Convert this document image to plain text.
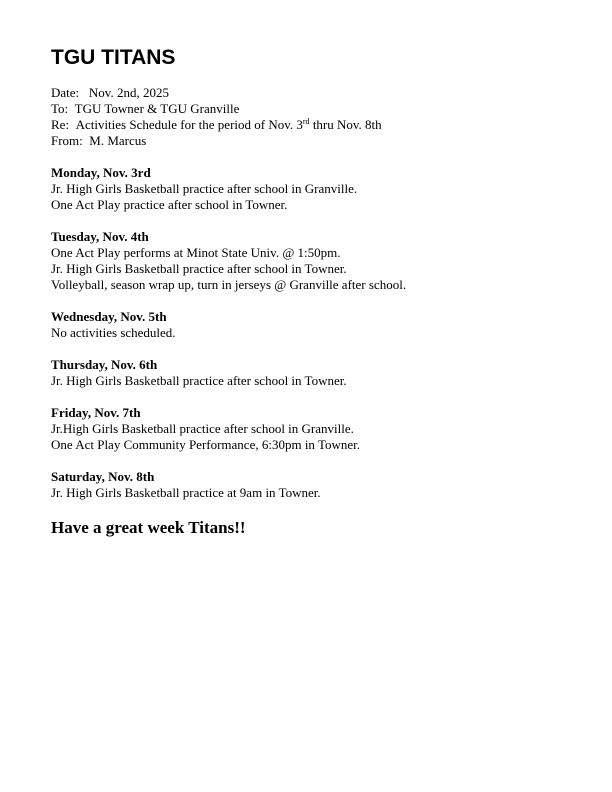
TGU TITANS
Date: Nov. 2nd, 2025
To: TGU Towner & TGU Granville
Re: Activities Schedule for the period of Nov. 3rd thru Nov. 8th
From: M. Marcus
Monday, Nov. 3rd
Jr. High Girls Basketball practice after school in Granville.
One Act Play practice after school in Towner.
Tuesday, Nov. 4th
One Act Play performs at Minot State Univ. @ 1:50pm.
Jr. High Girls Basketball practice after school in Towner.
Volleyball, season wrap up, turn in jerseys @ Granville after school.
Wednesday, Nov. 5th
No activities scheduled.
Thursday, Nov. 6th
Jr. High Girls Basketball practice after school in Towner.
Friday, Nov. 7th
Jr.High Girls Basketball practice after school in Granville.
One Act Play Community Performance, 6:30pm in Towner.
Saturday, Nov. 8th
Jr. High Girls Basketball practice at 9am in Towner.
Have a great week Titans!!
